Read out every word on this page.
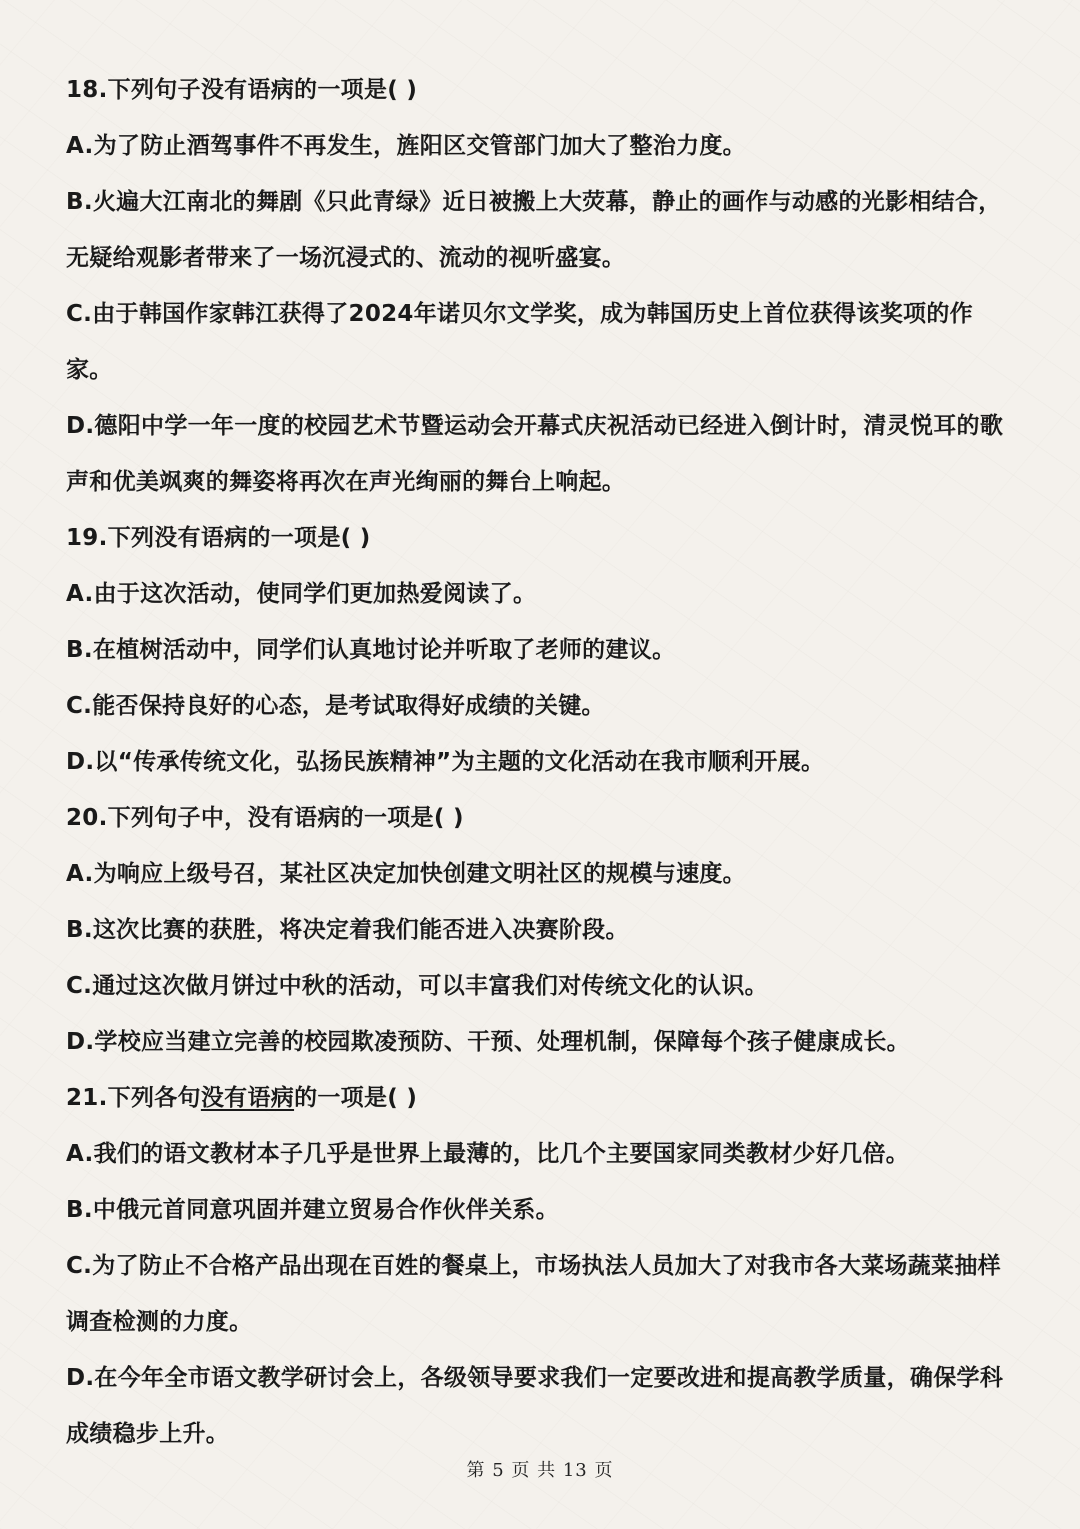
18.下列句子没有语病的一项是( )

A.为了防止酒驾事件不再发生，旌阳区交管部门加大了整治力度。

B.火遍大江南北的舞剧《只此青绿》近日被搬上大荧幕，静止的画作与动感的光影相结合，无疑给观影者带来了一场沉浸式的、流动的视听盛宴。

C.由于韩国作家韩江获得了2024年诺贝尔文学奖，成为韩国历史上首位获得该奖项的作家。

D.德阳中学一年一度的校园艺术节暨运动会开幕式庆祝活动已经进入倒计时，清灵悦耳的歌声和优美飒爽的舞姿将再次在声光绚丽的舞台上响起。

19.下列没有语病的一项是( )

A.由于这次活动，使同学们更加热爱阅读了。

B.在植树活动中，同学们认真地讨论并听取了老师的建议。

C.能否保持良好的心态，是考试取得好成绩的关键。

D.以“传承传统文化，弘扬民族精神”为主题的文化活动在我市顺利开展。

20.下列句子中，没有语病的一项是( )

A.为响应上级号召，某社区决定加快创建文明社区的规模与速度。

B.这次比赛的获胜，将决定着我们能否进入决赛阶段。

C.通过这次做月饼过中秋的活动，可以丰富我们对传统文化的认识。

D.学校应当建立完善的校园欺凌预防、干预、处理机制，保障每个孩子健康成长。

21.下列各句没有语病的一项是( )

A.我们的语文教材本子几乎是世界上最薄的，比几个主要国家同类教材少好几倍。

B.中俄元首同意巩固并建立贸易合作伙伴关系。

C.为了防止不合格产品出现在百姓的餐桌上，市场执法人员加大了对我市各大菜场蔬菜抽样调查检测的力度。

D.在今年全市语文教学研讨会上，各级领导要求我们一定要改进和提高教学质量，确保学科成绩稳步上升。

第 5 页 共 13 页
